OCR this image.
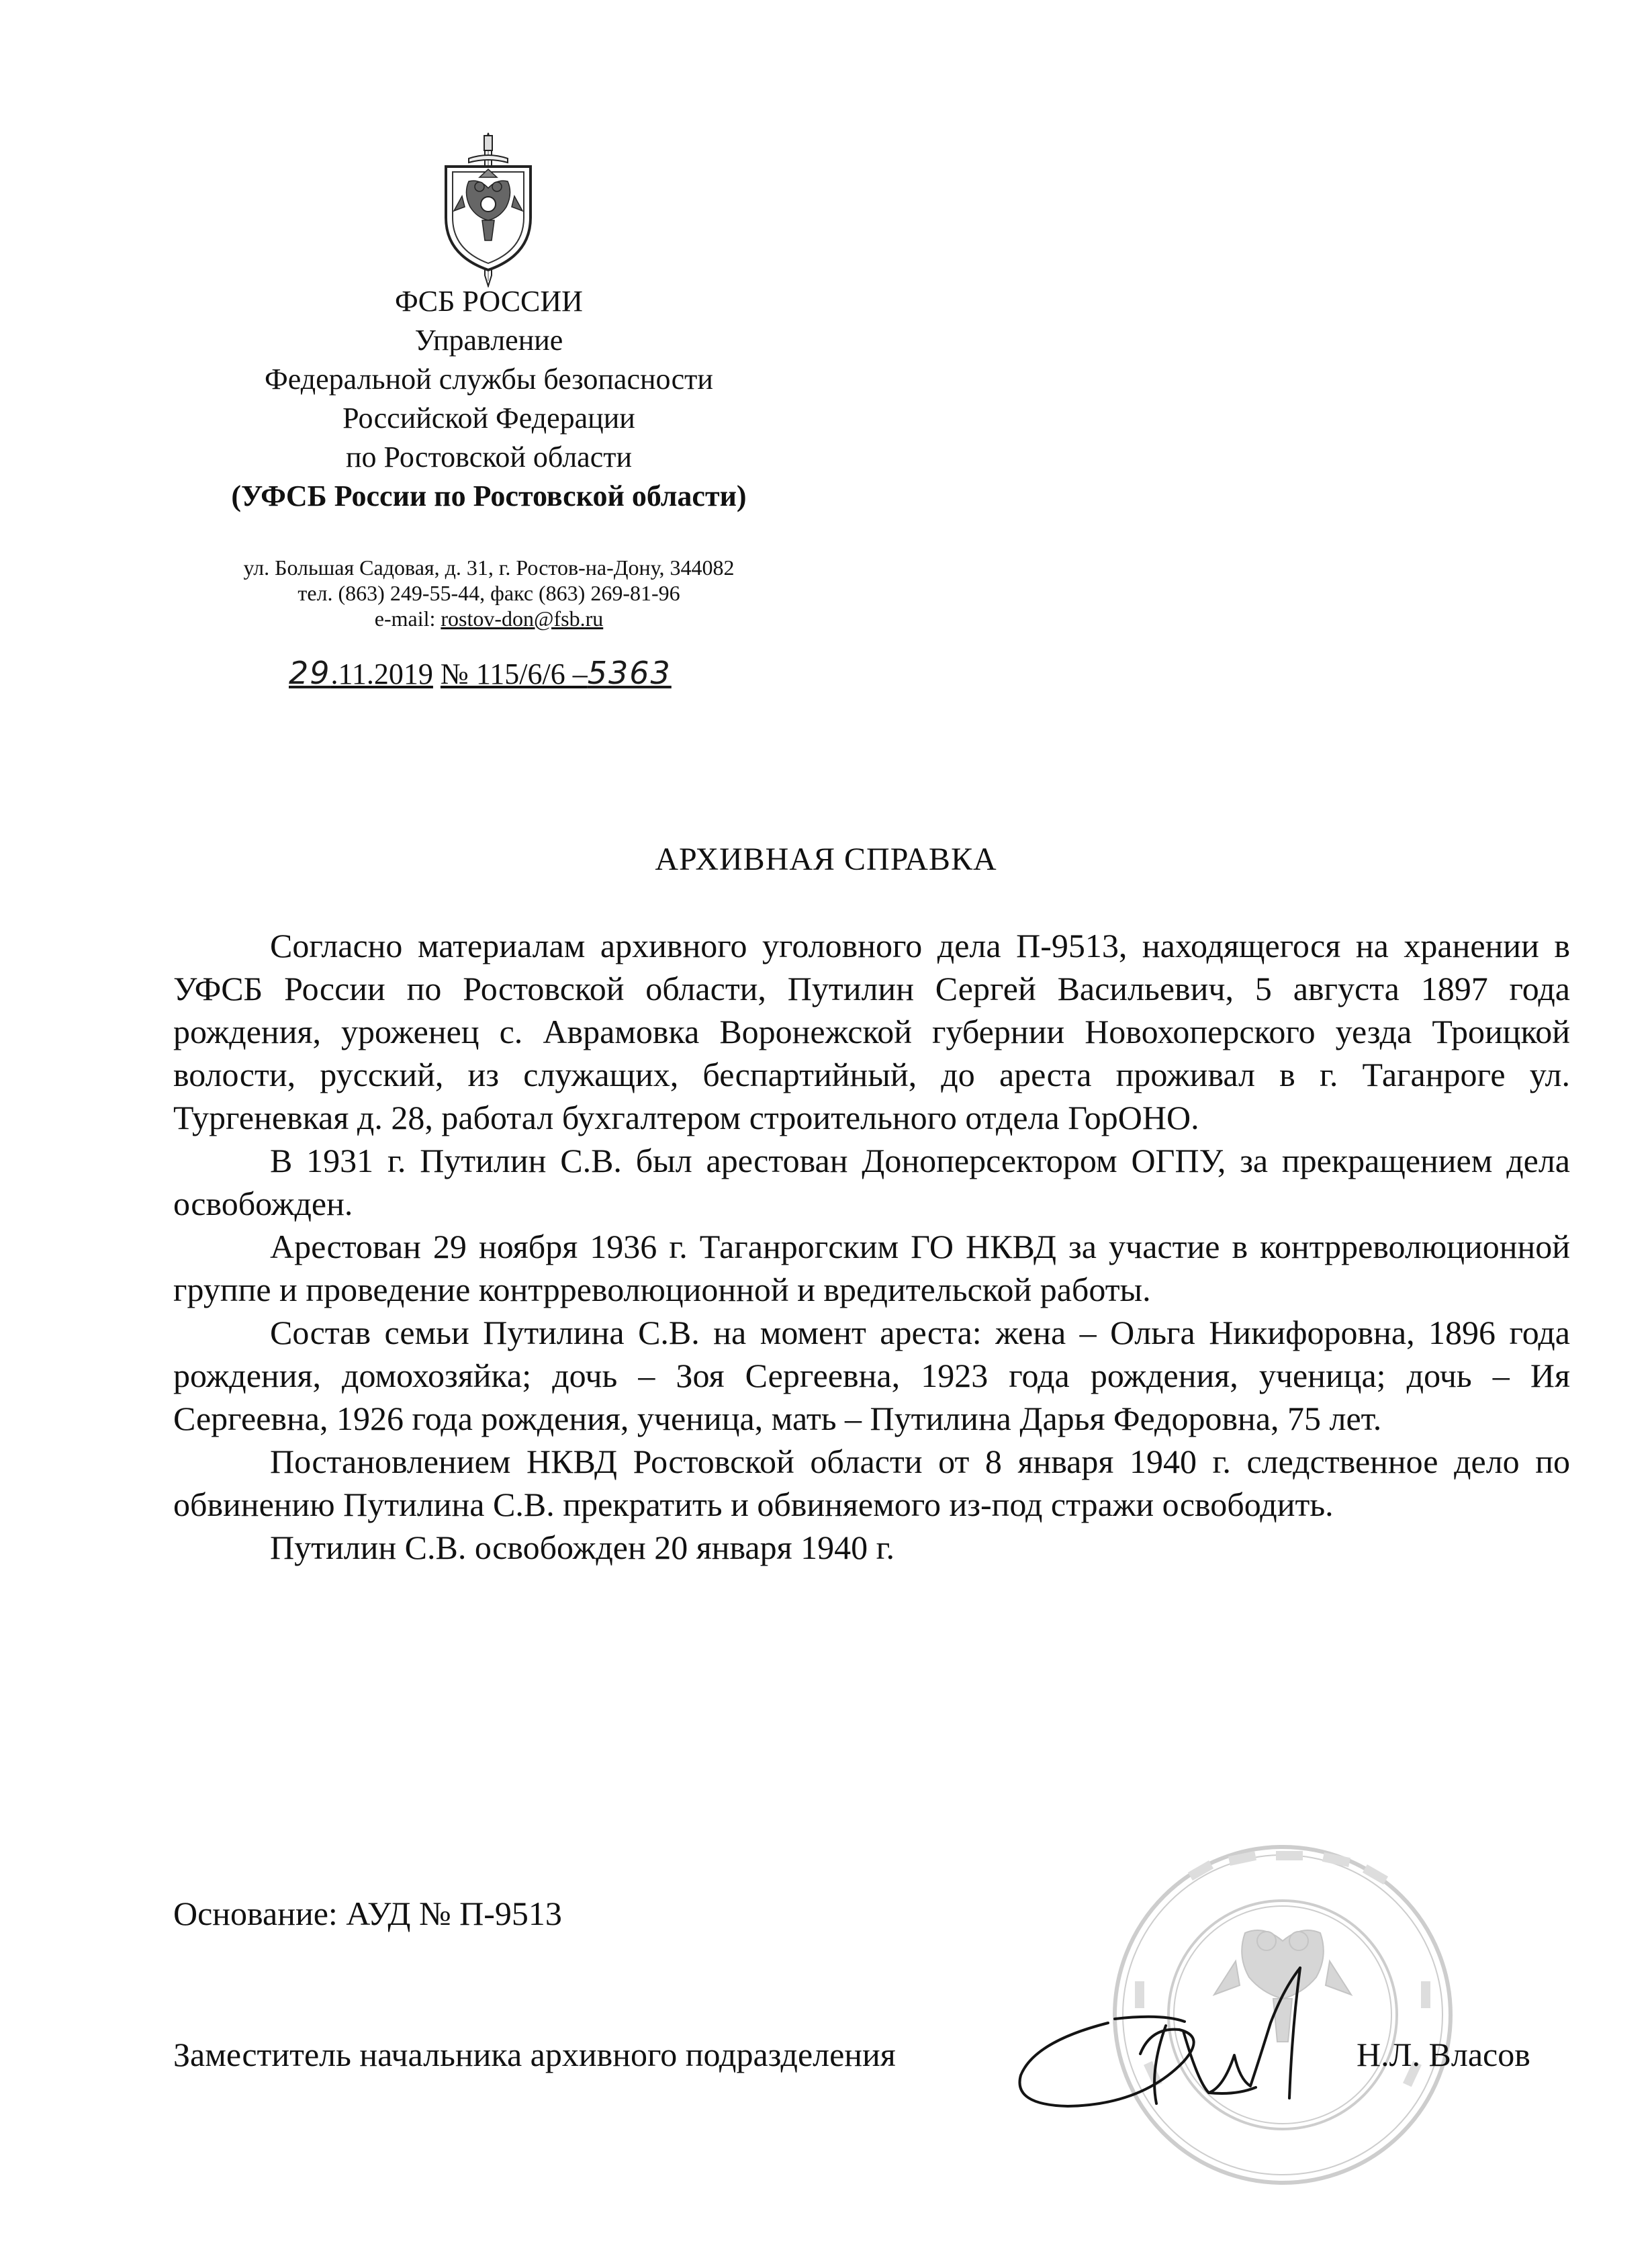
ФСБ РОССИИ
Управление
Федеральной службы безопасности
Российской Федерации
по Ростовской области
(УФСБ России по Ростовской области)
ул. Большая Садовая, д. 31, г. Ростов-на-Дону, 344082
тел. (863) 249-55-44, факс (863) 269-81-96
e-mail: rostov-don@fsb.ru
29.11.2019 № 115/6/6 –5363
АРХИВНАЯ СПРАВКА

Согласно материалам архивного уголовного дела П-9513, находящегося на хранении в УФСБ России по Ростовской области, Путилин Сергей Васильевич, 5 августа 1897 года рождения, уроженец с. Аврамовка Воронежской губернии Новохоперского уезда Троицкой волости, русский, из служащих, беспартийный, до ареста проживал в г. Таганроге ул. Тургеневкая д. 28, работал бухгалтером строительного отдела ГорОНО.

В 1931 г. Путилин С.В. был арестован Доноперсектором ОГПУ, за прекращением дела освобожден.

Арестован 29 ноября 1936 г. Таганрогским ГО НКВД за участие в контрреволюционной группе и проведение контрреволюционной и вредительской работы.

Состав семьи Путилина С.В. на момент ареста: жена – Ольга Никифоровна, 1896 года рождения, домохозяйка; дочь – Зоя Сергеевна, 1923 года рождения, ученица; дочь – Ия Сергеевна, 1926 года рождения, ученица, мать – Путилина Дарья Федоровна, 75 лет.

Постановлением НКВД Ростовской области от 8 января 1940 г. следственное дело по обвинению Путилина С.В. прекратить и обвиняемого из-под стражи освободить.

Путилин С.В. освобожден 20 января 1940 г.

Основание: АУД № П-9513
Заместитель начальника архивного подразделения	Н.Л. Власов
